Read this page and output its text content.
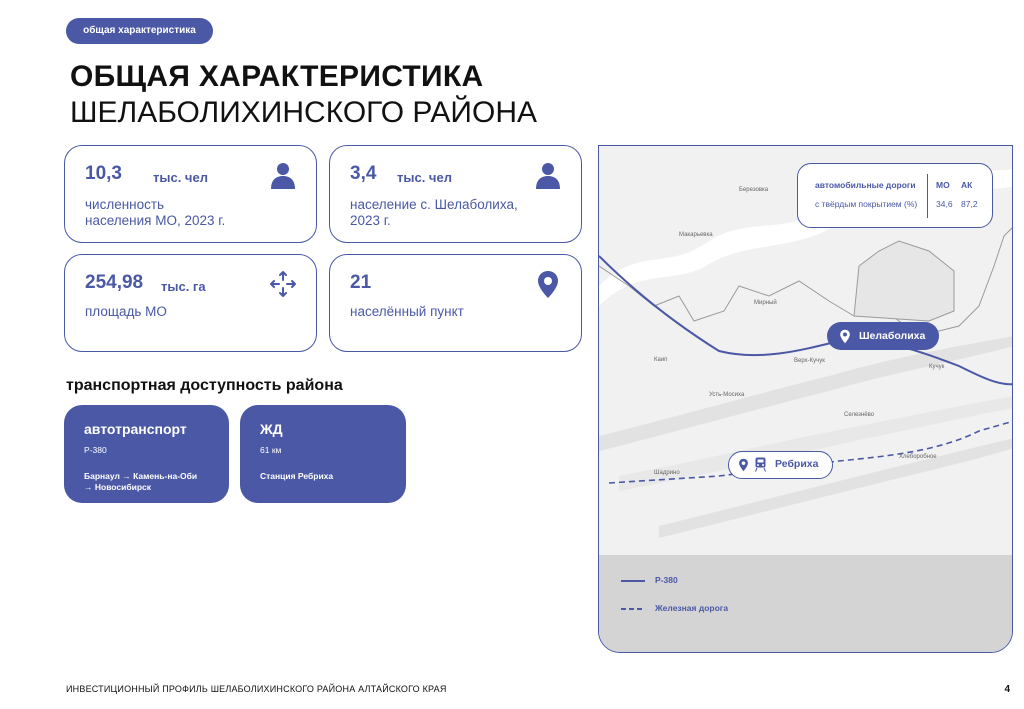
общая характеристика
ОБЩАЯ ХАРАКТЕРИСТИКА
ШЕЛАБОЛИХИНСКОГО РАЙОНА
10,3 тыс. чел
численность
населения МО, 2023 г.
3,4 тыс. чел
население с. Шелаболиха,
2023 г.
254,98 тыс. га
площадь МО
21
населённый пункт
транспортная доступность района
автотранспорт
Р-380
Барнаул → Камень-на-Оби
→ Новосибирск
ЖД
61 км
Станция Ребриха
Мирный
Верх-Кучук
Усть-Мосиха
Березовка
Кучук
Каип
Макарьевка
Селезнёво
Шадрино
Хлеборобное
Р-380
Железная дорога
автомобильные дороги
с твёрдым покрытием (%)
МО АК
34,6 87,2
Шелаболиха
Ребриха
ИНВЕСТИЦИОННЫЙ ПРОФИЛЬ ШЕЛАБОЛИХИНСКОГО РАЙОНА АЛТАЙСКОГО КРАЯ	4
